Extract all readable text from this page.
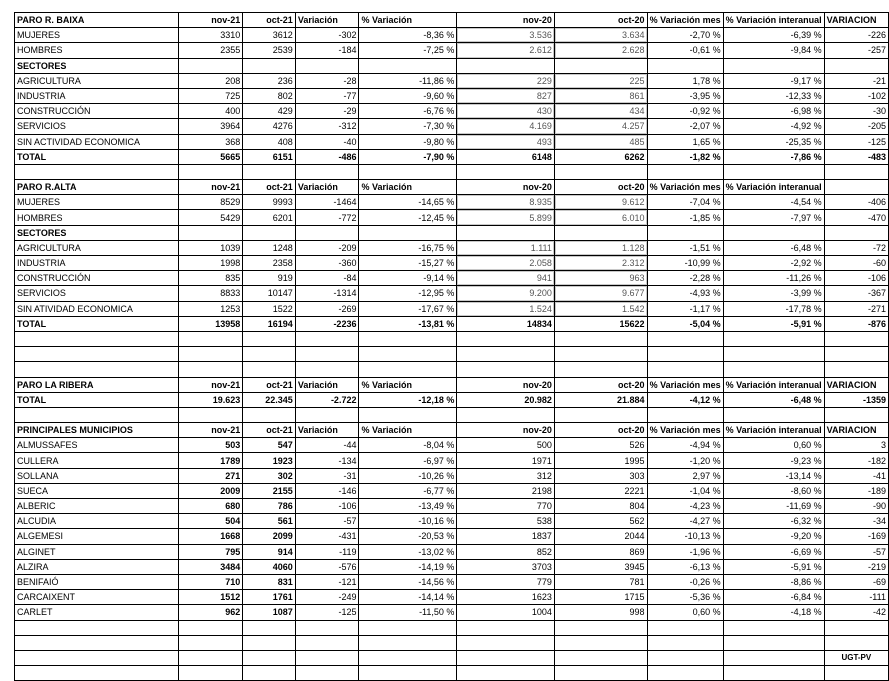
PARO R. BAIXA	nov-21	oct-21	Variación	% Variación	nov-20	oct-20	% Variación mes	% Variación interanual	VARIACION
MUJERES	3310	3612	-302	-8,36 %	3.536	3.634	-2,70 %	-6,39 %	-226
HOMBRES	2355	2539	-184	-7,25 %	2.612	2.628	-0,61 %	-9,84 %	-257
SECTORES									
AGRICULTURA	208	236	-28	-11,86 %	229	225	1,78 %	-9,17 %	-21
INDUSTRIA	725	802	-77	-9,60 %	827	861	-3,95 %	-12,33 %	-102
CONSTRUCCIÓN	400	429	-29	-6,76 %	430	434	-0,92 %	-6,98 %	-30
SERVICIOS	3964	4276	-312	-7,30 %	4.169	4.257	-2,07 %	-4,92 %	-205
SIN ACTIVIDAD ECONOMICA	368	408	-40	-9,80 %	493	485	1,65 %	-25,35 %	-125
TOTAL	5665	6151	-486	-7,90 %	6148	6262	-1,82 %	-7,86 %	-483

PARO R.ALTA	nov-21	oct-21	Variación	% Variación	nov-20	oct-20	% Variación mes	% Variación interanual	
MUJERES	8529	9993	-1464	-14,65 %	8.935	9.612	-7,04 %	-4,54 %	-406
HOMBRES	5429	6201	-772	-12,45 %	5.899	6.010	-1,85 %	-7,97 %	-470
SECTORES									
AGRICULTURA	1039	1248	-209	-16,75 %	1.111	1.128	-1,51 %	-6,48 %	-72
INDUSTRIA	1998	2358	-360	-15,27 %	2.058	2.312	-10,99 %	-2,92 %	-60
CONSTRUCCIÓN	835	919	-84	-9,14 %	941	963	-2,28 %	-11,26 %	-106
SERVICIOS	8833	10147	-1314	-12,95 %	9.200	9.677	-4,93 %	-3,99 %	-367
SIN ATIVIDAD ECONOMICA	1253	1522	-269	-17,67 %	1.524	1.542	-1,17 %	-17,78 %	-271
TOTAL	13958	16194	-2236	-13,81 %	14834	15622	-5,04 %	-5,91 %	-876

PARO LA RIBERA	nov-21	oct-21	Variación	% Variación	nov-20	oct-20	% Variación mes	% Variación interanual	VARIACION
TOTAL	19.623	22.345	-2.722	-12,18 %	20.982	21.884	-4,12 %	-6,48 %	-1359

PRINCIPALES MUNICIPIOS	nov-21	oct-21	Variación	% Variación	nov-20	oct-20	% Variación mes	% Variación interanual	VARIACION
ALMUSSAFES	503	547	-44	-8,04 %	500	526	-4,94 %	0,60 %	3
CULLERA	1789	1923	-134	-6,97 %	1971	1995	-1,20 %	-9,23 %	-182
SOLLANA	271	302	-31	-10,26 %	312	303	2,97 %	-13,14 %	-41
SUECA	2009	2155	-146	-6,77 %	2198	2221	-1,04 %	-8,60 %	-189
ALBERIC	680	786	-106	-13,49 %	770	804	-4,23 %	-11,69 %	-90
ALCUDIA	504	561	-57	-10,16 %	538	562	-4,27 %	-6,32 %	-34
ALGEMESI	1668	2099	-431	-20,53 %	1837	2044	-10,13 %	-9,20 %	-169
ALGINET	795	914	-119	-13,02 %	852	869	-1,96 %	-6,69 %	-57
ALZIRA	3484	4060	-576	-14,19 %	3703	3945	-6,13 %	-5,91 %	-219
BENIFAIÓ	710	831	-121	-14,56 %	779	781	-0,26 %	-8,86 %	-69
CARCAIXENT	1512	1761	-249	-14,14 %	1623	1715	-5,36 %	-6,84 %	-111
CARLET	962	1087	-125	-11,50 %	1004	998	0,60 %	-4,18 %	-42

									UGT-PV
